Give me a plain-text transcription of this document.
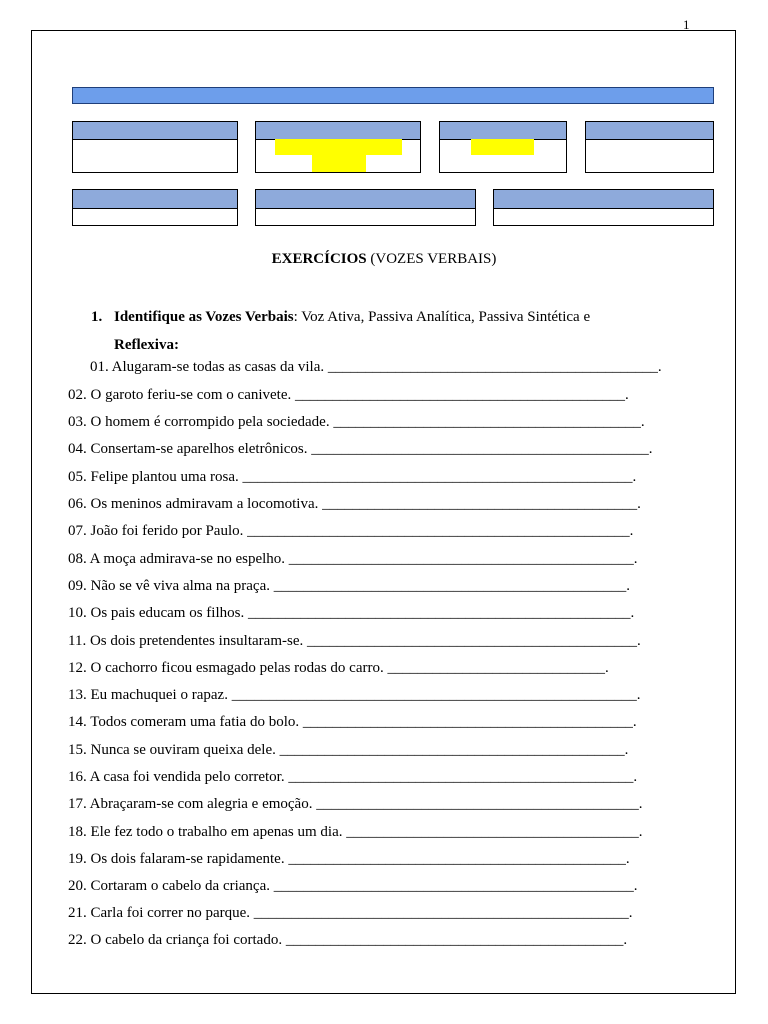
1
EXERCÍCIOS (VOZES VERBAIS)
1. Identifique as Vozes Verbais: Voz Ativa, Passiva Analítica, Passiva Sintética e
Reflexiva:
01. Alugaram-se todas as casas da vila. ____________________________________________.
02. O garoto feriu-se com o canivete. ____________________________________________.
03. O homem é corrompido pela sociedade. _________________________________________.
04. Consertam-se aparelhos eletrônicos. _____________________________________________.
05. Felipe plantou uma rosa. ____________________________________________________.
06. Os meninos admiravam a locomotiva. __________________________________________.
07. João foi ferido por Paulo. ___________________________________________________.
08. A moça admirava-se no espelho. ______________________________________________.
09. Não se vê viva alma na praça. _______________________________________________.
10. Os pais educam os filhos. ___________________________________________________.
11. Os dois pretendentes insultaram-se. ____________________________________________.
12. O cachorro ficou esmagado pelas rodas do carro. _____________________________.
13. Eu machuquei o rapaz. ______________________________________________________.
14. Todos comeram uma fatia do bolo. ____________________________________________.
15. Nunca se ouviram queixa dele. ______________________________________________.
16. A casa foi vendida pelo corretor. ______________________________________________.
17. Abraçaram-se com alegria e emoção. ___________________________________________.
18. Ele fez todo o trabalho em apenas um dia. _______________________________________.
19. Os dois falaram-se rapidamente. _____________________________________________.
20. Cortaram o cabelo da criança. ________________________________________________.
21. Carla foi correr no parque. __________________________________________________.
22. O cabelo da criança foi cortado. _____________________________________________.
